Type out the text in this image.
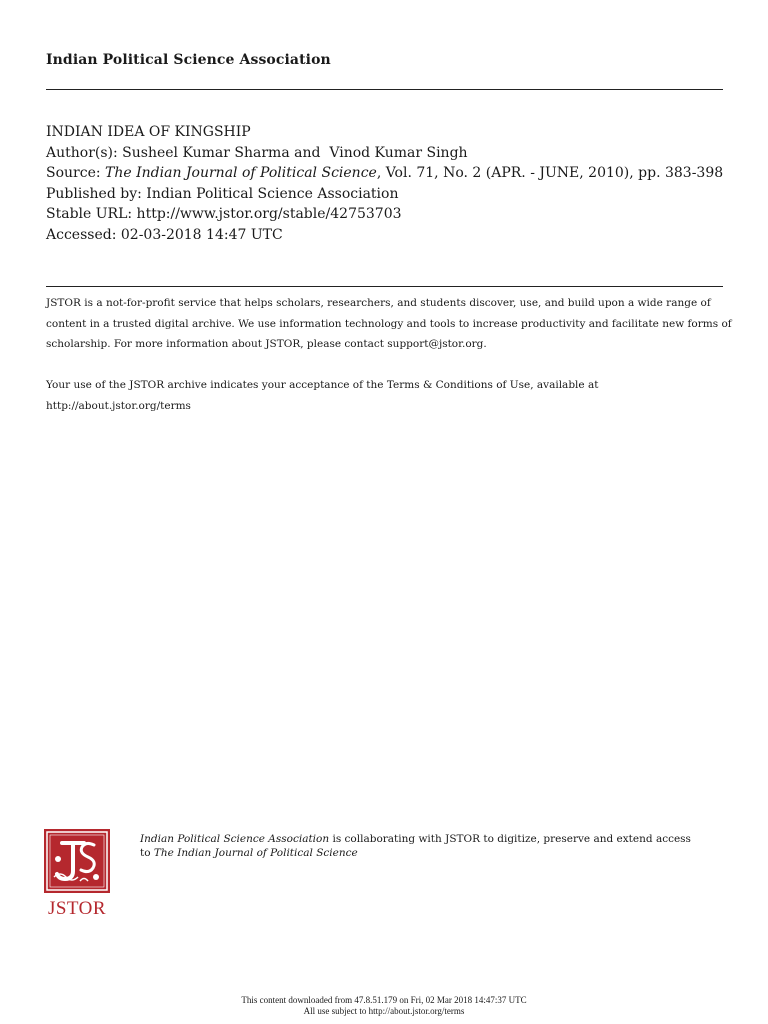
Indian Political Science Association
INDIAN IDEA OF KINGSHIP
Author(s): Susheel Kumar Sharma and  Vinod Kumar Singh
Source: The Indian Journal of Political Science, Vol. 71, No. 2 (APR. - JUNE, 2010), pp. 383-398
Published by: Indian Political Science Association
Stable URL: http://www.jstor.org/stable/42753703
Accessed: 02-03-2018 14:47 UTC

JSTOR is a not-for-profit service that helps scholars, researchers, and students discover, use, and build upon a wide range of content in a trusted digital archive. We use information technology and tools to increase productivity and facilitate new forms of scholarship. For more information about JSTOR, please contact support@jstor.org.

Your use of the JSTOR archive indicates your acceptance of the Terms & Conditions of Use, available at
http://about.jstor.org/terms

JSTOR
Indian Political Science Association is collaborating with JSTOR to digitize, preserve and extend access to The Indian Journal of Political Science
This content downloaded from 47.8.51.179 on Fri, 02 Mar 2018 14:47:37 UTC
All use subject to http://about.jstor.org/terms
